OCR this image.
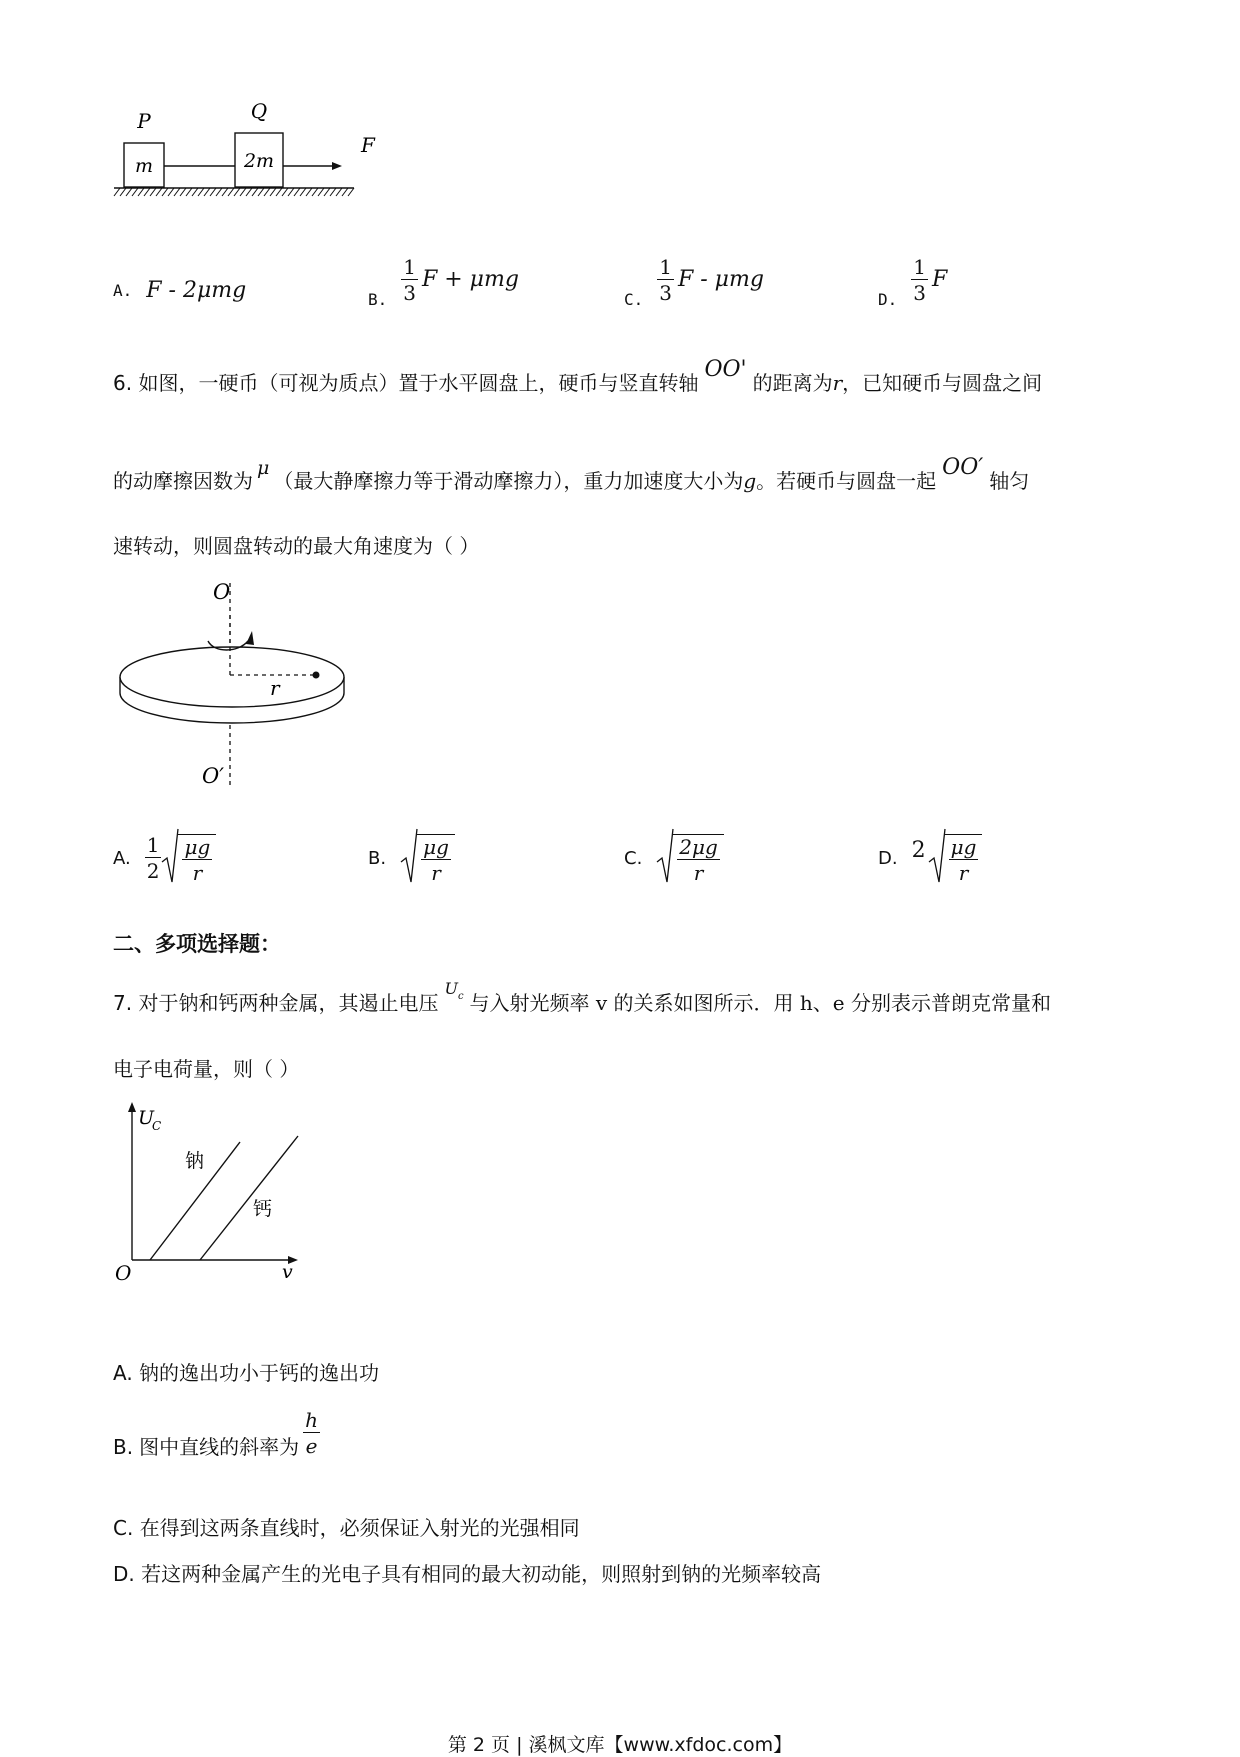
P
m
Q
2m
F
A. F - 2μmg	B. $\frac{1}{3}$ F + μmg
C. $\frac{1}{3}$ F - μmg
D. $\frac{1}{3}$ F
6. 如图，一硬币（可视为质点）置于水平圆盘上，硬币与竖直转轴OO'的距离为r，已知硬币与圆盘之间
的动摩擦因数为μ（最大静摩擦力等于滑动摩擦力），重力加速度大小为g。若硬币与圆盘一起OO′轴匀
速转动，则圆盘转动的最大角速度为（ ）
O
O′
r
A. $\frac{1}{2} \frac{\mu g}{r}$	B. $\frac{\mu g}{r}$	C. $\frac{2\mu g}{r}$	D. $2 \frac{\mu g}{r}$
二、多项选择题：
7. 对于钠和钙两种金属，其遏止电压$U_c$ 与入射光频率 v 的关系如图所示．用 h、e 分别表示普朗克常量和
电子电荷量，则（ ）
U
C
v
O
钠
钙
A. 钠的逸出功小于钙的逸出功
B. 图中直线的斜率为 $\frac{h}{e}$
C. 在得到这两条直线时，必须保证入射光的光强相同
D. 若这两种金属产生的光电子具有相同的最大初动能，则照射到钠的光频率较高
第 2 页 | 溪枫文库【www.xfdoc.com】
